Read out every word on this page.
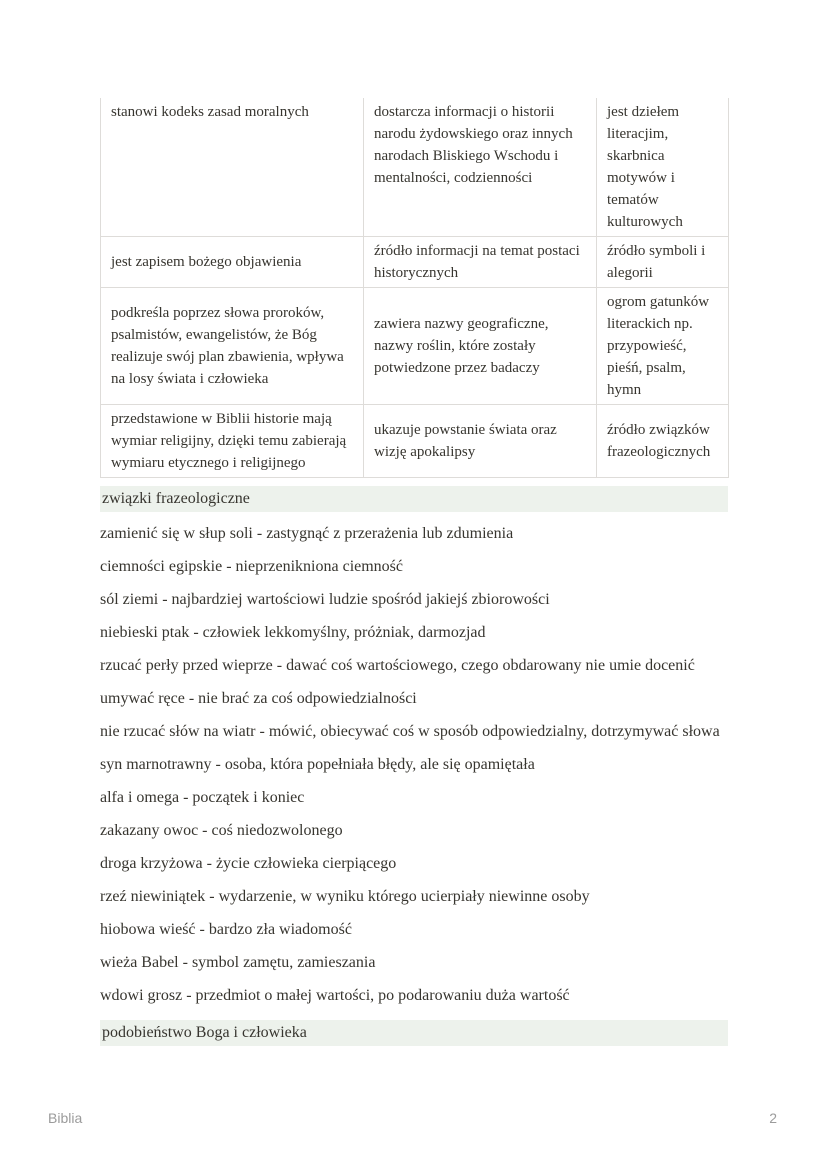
stanowi kodeks zasad moralnych	dostarcza informacji o historii narodu żydowskiego oraz innych narodach Bliskiego Wschodu i mentalności, codzienności	jest dziełem literacjim, skarbnica motywów i tematów kulturowych
jest zapisem bożego objawienia	źródło informacji na temat postaci historycznych	źródło symboli i alegorii
podkreśla poprzez słowa proroków, psalmistów, ewangelistów, że Bóg realizuje swój plan zbawienia, wpływa na losy świata i człowieka	zawiera nazwy geograficzne, nazwy roślin, które zostały potwiedzone przez badaczy	ogrom gatunków literackich np. przypowieść, pieśń, psalm, hymn
przedstawione w Biblii historie mają wymiar religijny, dzięki temu zabierają wymiaru etycznego i religijnego	ukazuje powstanie świata oraz wizję apokalipsy	źródło związków frazeologicznych
związki frazeologiczne

zamienić się w słup soli - zastygnąć z przerażenia lub zdumienia

ciemności egipskie - nieprzenikniona ciemność

sól ziemi - najbardziej wartościowi ludzie spośród jakiejś zbiorowości

niebieski ptak - człowiek lekkomyślny, próżniak, darmozjad

rzucać perły przed wieprze - dawać coś wartościowego, czego obdarowany nie umie docenić

umywać ręce - nie brać za coś odpowiedzialności

nie rzucać słów na wiatr - mówić, obiecywać coś w sposób odpowiedzialny, dotrzymywać słowa

syn marnotrawny - osoba, która popełniała błędy, ale się opamiętała

alfa i omega - początek i koniec

zakazany owoc - coś niedozwolonego

droga krzyżowa - życie człowieka cierpiącego

rzeź niewiniątek - wydarzenie, w wyniku którego ucierpiały niewinne osoby

hiobowa wieść - bardzo zła wiadomość

wieża Babel - symbol zamętu, zamieszania

wdowi grosz - przedmiot o małej wartości, po podarowaniu duża wartość

podobieństwo Boga i człowieka
Biblia	2
